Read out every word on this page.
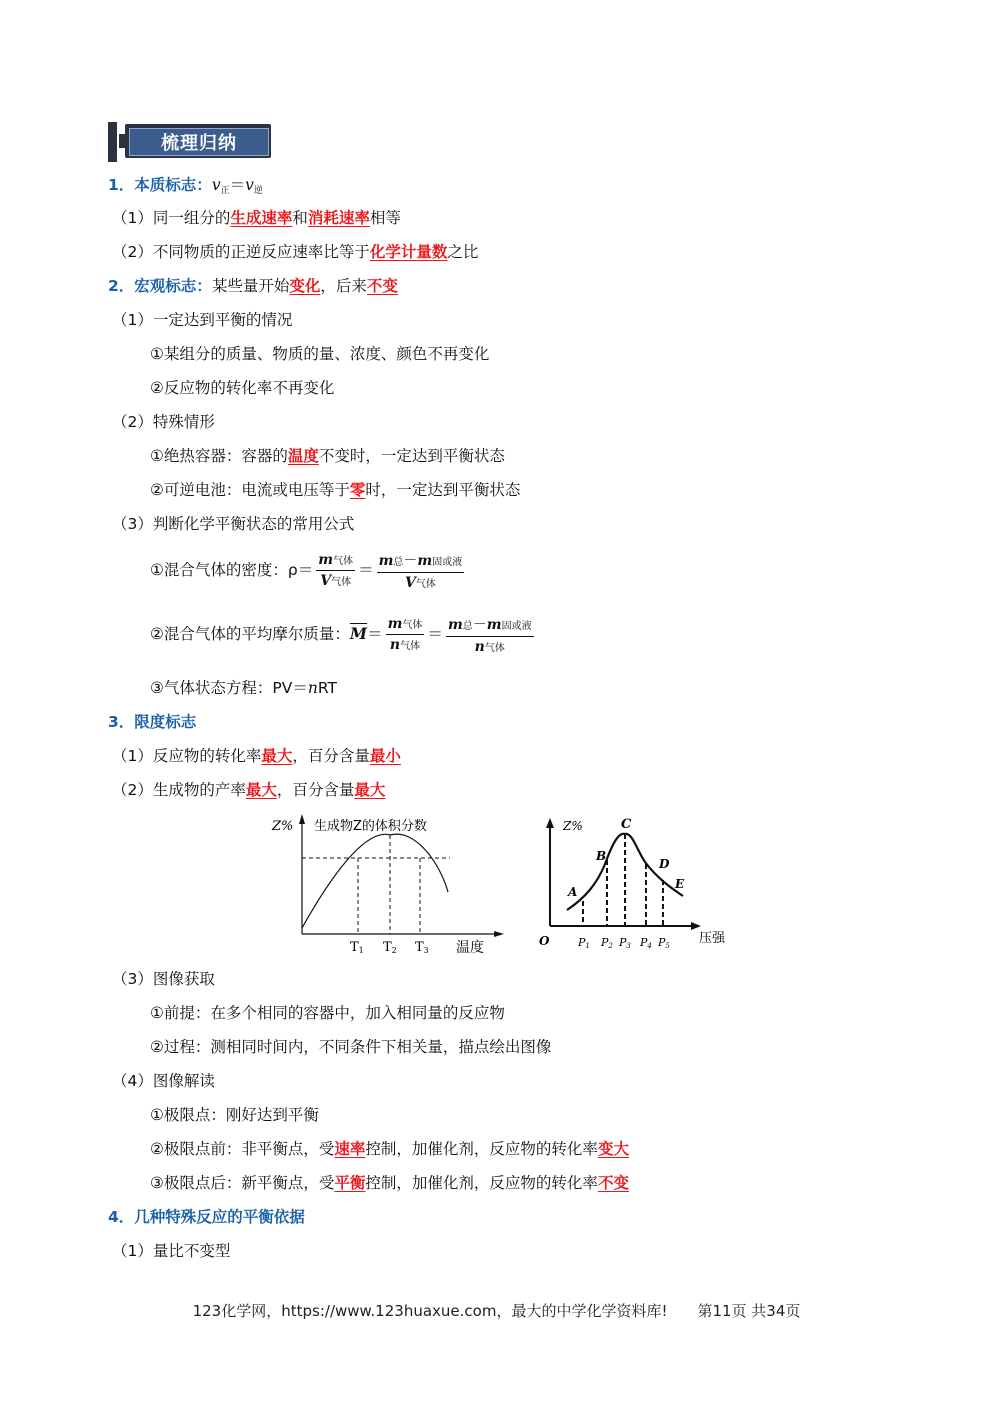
梳理归纳
1．本质标志：$v_正=v_逆$
（1）同一组分的生成速率和消耗速率相等
（2）不同物质的正逆反应速率比等于化学计量数之比
2．宏观标志：某些量开始变化，后来不变
（1）一定达到平衡的情况
①某组分的质量、物质的量、浓度、颜色不再变化
②反应物的转化率不再变化
（2）特殊情形
①绝热容器：容器的温度不变时，一定达到平衡状态
②可逆电池：电流或电压等于零时，一定达到平衡状态
（3）判断化学平衡状态的常用公式
①混合气体的密度：$\rho= \frac{\text{m气体}}{\text{V气体}} = \frac{\text{m总－m固或液}}{\text{V气体}}$
②混合气体的平均摩尔质量：$\overline{M}= \frac{\text{m气体}}{\text{n气体}} = \frac{\text{m总－m固或液}}{\text{n气体}}$
③气体状态方程：PV＝nRT
3．限度标志
（1）反应物的转化率最大，百分含量最小
（2）生成物的产率最大，百分含量最大
Z% 生成物Z的体积分数
T1 T2 T3 温度
Z%
O
A
B
C
D
E
P1 P2 P3 P4 P5 压强
（3）图像获取
①前提：在多个相同的容器中，加入相同量的反应物
②过程：测相同时间内，不同条件下相关量，描点绘出图像
（4）图像解读
①极限点：刚好达到平衡
②极限点前：非平衡点，受速率控制，加催化剂，反应物的转化率变大
③极限点后：新平衡点，受平衡控制，加催化剂，反应物的转化率不变
4．几种特殊反应的平衡依据
（1）量比不变型
123化学网，https://www.123huaxue.com，最大的中学化学资料库!　　第11页 共34页
